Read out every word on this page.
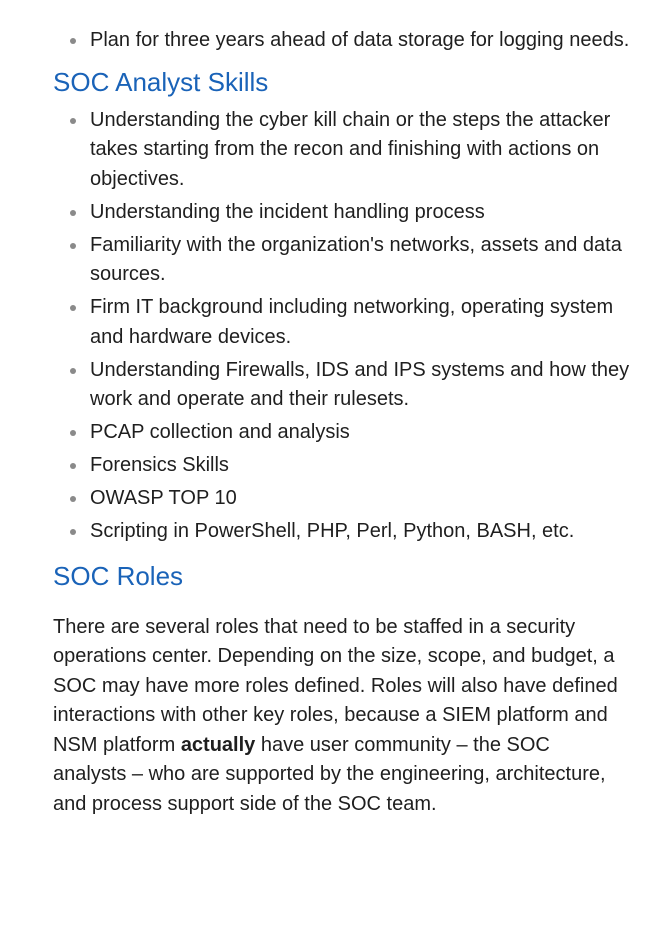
Plan for three years ahead of data storage for logging needs.
SOC Analyst Skills
Understanding the cyber kill chain or the steps the attacker takes starting from the recon and finishing with actions on objectives.
Understanding the incident handling process
Familiarity with the organization's networks, assets and data sources.
Firm IT background including networking, operating system and hardware devices.
Understanding Firewalls, IDS and IPS systems and how they work and operate and their rulesets.
PCAP collection and analysis
Forensics Skills
OWASP TOP 10
Scripting in PowerShell, PHP, Perl, Python, BASH, etc.
SOC Roles

There are several roles that need to be staffed in a security operations center. Depending on the size, scope, and budget, a SOC may have more roles defined. Roles will also have defined interactions with other key roles, because a SIEM platform and NSM platform actually have user community – the SOC analysts – who are supported by the engineering, architecture, and process support side of the SOC team.
